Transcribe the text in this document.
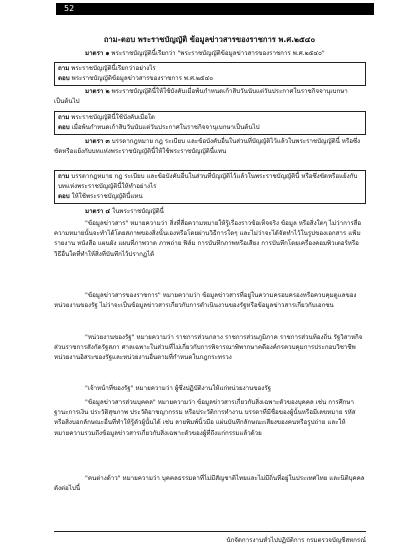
52
ถาม-ตอบ พระราชบัญญัติ ข้อมูลข่าวสารของราชการ พ.ศ.๒๕๔๐

มาตรา ๑ พระราชบัญญัตินี้เรียกว่า "พระราชบัญญัติข้อมูลข่าวสารของราชการ พ.ศ.๒๕๔๐"

ถาม พระราชบัญญัตินี้เรียกว่าอย่างไร
ตอบ พระราชบัญญัติข้อมูลข่าวสารของราชการ พ.ศ.๒๕๔๐

มาตรา ๒ พระราชบัญญัตินี้ให้ใช้บังคับเมื่อพ้นกำหนดเก้าสิบวันนับแต่วันประกาศในราชกิจจานุเบกษาเป็นต้นไป

ถาม พระราชบัญญัตินี้ใช้บังคับเมื่อใด
ตอบ เมื่อพ้นกำหนดเก้าสิบวันนับแต่วันประกาศในราชกิจจานุเบกษาเป็นต้นไป

มาตรา ๓ บรรดากฎหมาย กฎ ระเบียบ และข้อบังคับอื่นในส่วนที่บัญญัติไว้แล้วในพระราชบัญญัตินี้ หรือซึ่งขัดหรือแย้งกับบทแห่งพระราชบัญญัตินี้ให้ใช้พระราชบัญญัตินี้แทน

ถาม บรรดากฎหมาย กฎ ระเบียบ และข้อบังคับอื่นในส่วนที่บัญญัติไว้แล้วในพระราชบัญญัตินี้ หรือซึ่งขัดหรือแย้งกับบทแห่งพระราชบัญญัตินี้ให้ทำอย่างไร
ตอบ ให้ใช้พระราชบัญญัตินี้แทน

มาตรา ๔ ในพระราชบัญญัตินี้

"ข้อมูลข่าวสาร" หมายความว่า สิ่งที่สื่อความหมายให้รู้เรื่องราวข้อเท็จจริง ข้อมูล หรือสิ่งใดๆ ไม่ว่าการสื่อความหมายนั้นจะทำได้โดยสภาพของสิ่งนั้นเองหรือโดยผ่านวิธีการใดๆ และไม่ว่าจะได้จัดทำไว้ในรูปของเอกสาร แฟ้ม รายงาน หนังสือ แผนผัง แผนที่ภาพวาด ภาพถ่าย ฟิล์ม การบันทึกภาพหรือเสียง การบันทึกโดยเครื่องคอมพิวเตอร์หรือวิธีอื่นใดที่ทำให้สิ่งที่บันทึกไว้ปรากฏได้

"ข้อมูลข่าวสารของราชการ" หมายความว่า ข้อมูลข่าวสารที่อยู่ในความครอบครองหรือควบคุมดูแลของหน่วยงานของรัฐ ไม่ว่าจะเป็นข้อมูลข่าวสารเกี่ยวกับการดำเนินงานของรัฐหรือข้อมูลข่าวสารเกี่ยวกับเอกชน

"หน่วยงานของรัฐ" หมายความว่า ราชการส่วนกลาง ราชการส่วนภูมิภาค ราชการส่วนท้องถิ่น รัฐวิสาหกิจ ส่วนราชการสังกัดรัฐสภา ศาลเฉพาะในส่วนที่ไม่เกี่ยวกับการพิจารณาพิพากษาคดีองค์กรควบคุมการประกอบวิชาชีพ หน่วยงานอิสระของรัฐและหน่วยงานอื่นตามที่กำหนดในกฎกระทรวง

"เจ้าหน้าที่ของรัฐ" หมายความว่า ผู้ซึ่งปฏิบัติงานให้แก่หน่วยงานของรัฐ

"ข้อมูลข่าวสารส่วนบุคคล" หมายความว่า ข้อมูลข่าวสารเกี่ยวกับสิ่งเฉพาะตัวของบุคคล เช่น การศึกษา ฐานะการเงิน ประวัติสุขภาพ ประวัติอาชญากรรม หรือประวัติการทำงาน บรรดาที่มีชื่อของผู้นั้นหรือมีเลขหมาย รหัส หรือสิ่งบอกลักษณะอื่นที่ทำให้รู้ตัวผู้นั้นได้ เช่น ลายพิมพ์นิ้วมือ แผ่นบันทึกลักษณะเสียงของคนหรือรูปถ่าย และให้หมายความรวมถึงข้อมูลข่าวสารเกี่ยวกับสิ่งเฉพาะตัวของผู้ที่ถึงแก่กรรมแล้วด้วย

"คนต่างด้าว" หมายความว่า บุคคลธรรมดาที่ไม่มีสัญชาติไทยและไม่มีถิ่นที่อยู่ในประเทศไทย และนิติบุคคลดังต่อไปนี้

นักจัดการงานทั่วไปปฏิบัติการ กรมตรวจบัญชีสหกรณ์
